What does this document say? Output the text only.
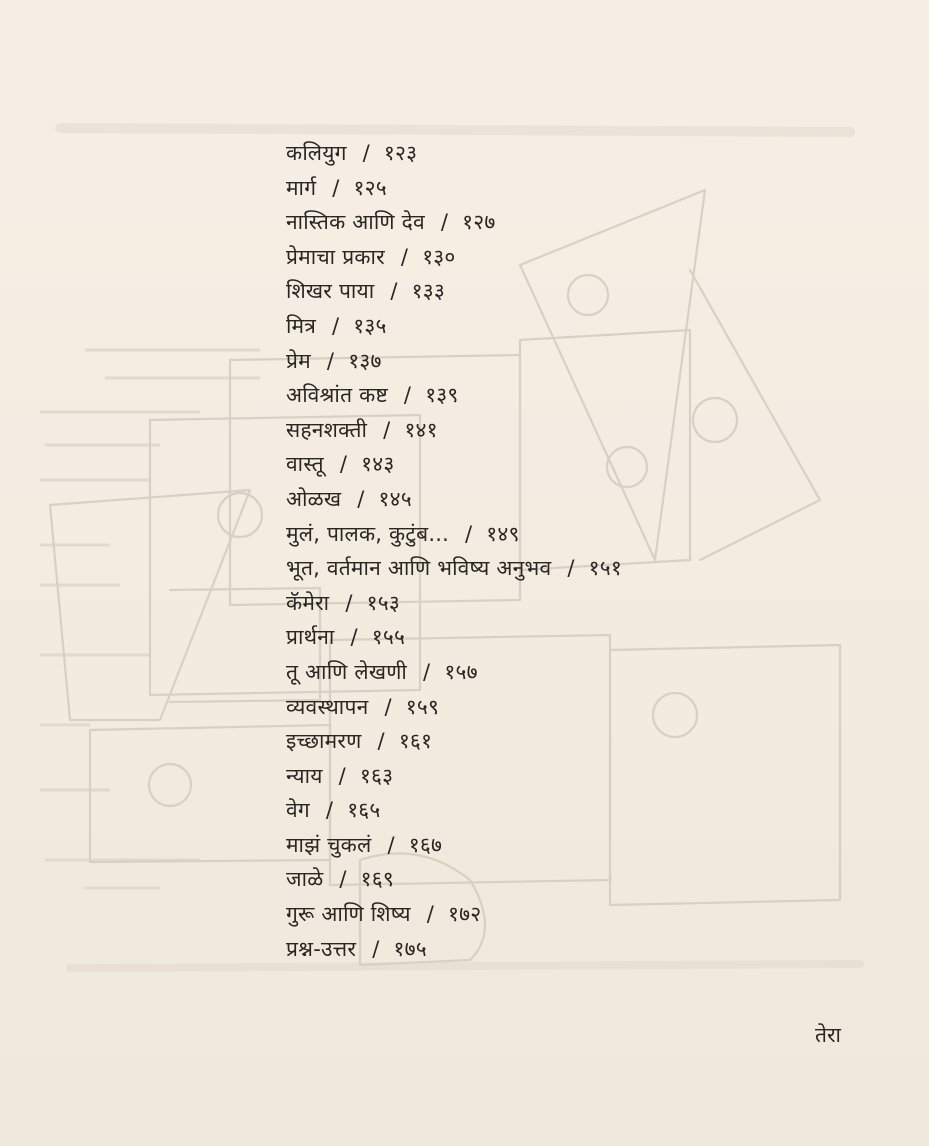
कलियुग / १२३
मार्ग / १२५
नास्तिक आणि देव / १२७
प्रेमाचा प्रकार / १३०
शिखर पाया / १३३
मित्र / १३५
प्रेम / १३७
अविश्रांत कष्ट / १३९
सहनशक्ती / १४१
वास्तू / १४३
ओळख / १४५
मुलं, पालक, कुटुंब... / १४९
भूत, वर्तमान आणि भविष्य अनुभव / १५१
कॅमेरा / १५३
प्रार्थना / १५५
तू आणि लेखणी / १५७
व्यवस्थापन / १५९
इच्छामरण / १६१
न्याय / १६३
वेग / १६५
माझं चुकलं / १६७
जाळे / १६९
गुरू आणि शिष्य / १७२
प्रश्न-उत्तर / १७५
तेरा
